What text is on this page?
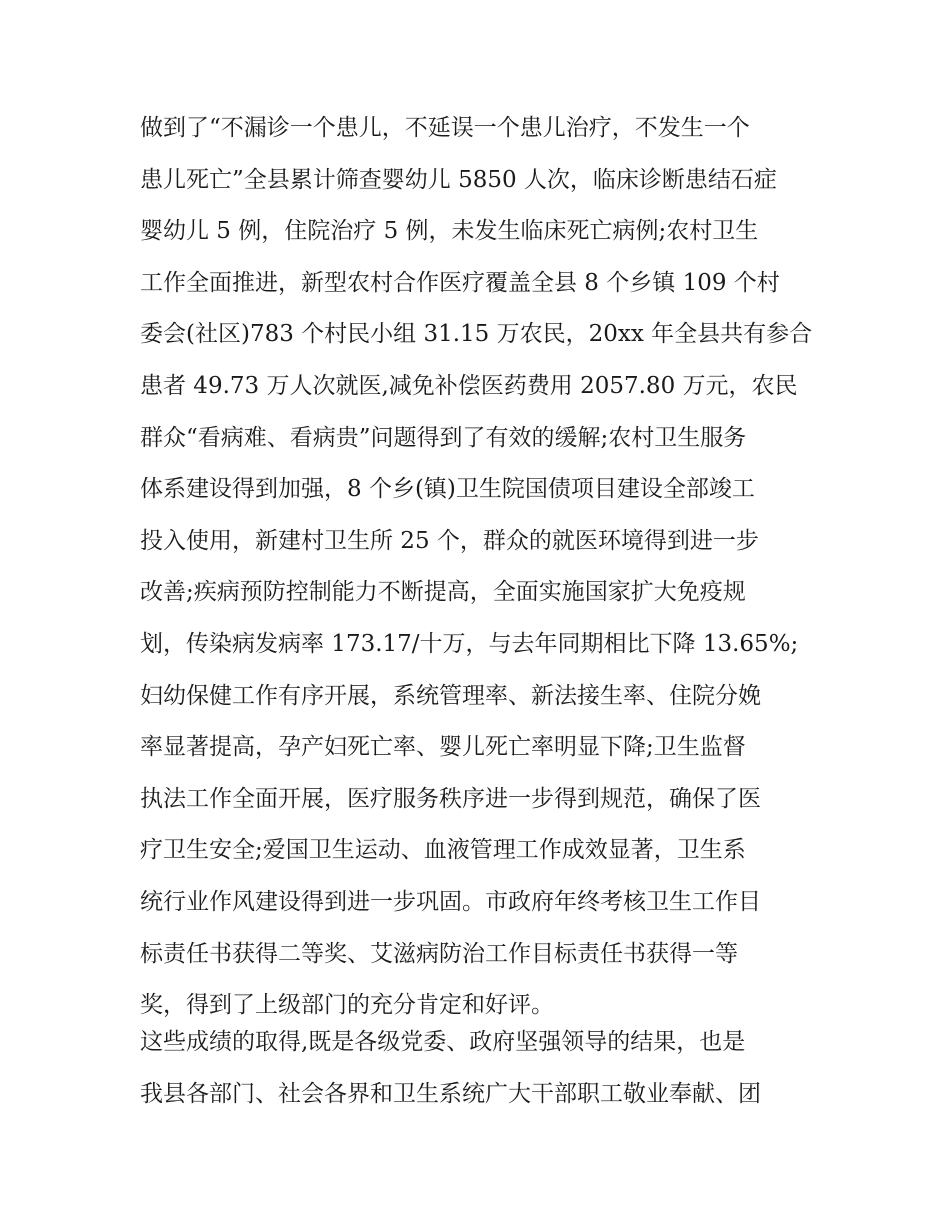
做到了“不漏诊一个患儿，不延误一个患儿治疗，不发生一个
患儿死亡”全县累计筛查婴幼儿 5850 人次，临床诊断患结石症
婴幼儿 5 例，住院治疗 5 例，未发生临床死亡病例;农村卫生
工作全面推进，新型农村合作医疗覆盖全县 8 个乡镇 109 个村
委会(社区)783 个村民小组 31.15 万农民，20xx 年全县共有参合
患者 49.73 万人次就医,减免补偿医药费用 2057.80 万元，农民
群众“看病难、看病贵”问题得到了有效的缓解;农村卫生服务
体系建设得到加强，8 个乡(镇)卫生院国债项目建设全部竣工
投入使用，新建村卫生所 25 个，群众的就医环境得到进一步
改善;疾病预防控制能力不断提高，全面实施国家扩大免疫规
划，传染病发病率 173.17/十万，与去年同期相比下降 13.65%;
妇幼保健工作有序开展，系统管理率、新法接生率、住院分娩
率显著提高，孕产妇死亡率、婴儿死亡率明显下降;卫生监督
执法工作全面开展，医疗服务秩序进一步得到规范，确保了医
疗卫生安全;爱国卫生运动、血液管理工作成效显著，卫生系
统行业作风建设得到进一步巩固。市政府年终考核卫生工作目
标责任书获得二等奖、艾滋病防治工作目标责任书获得一等
奖，得到了上级部门的充分肯定和好评。
这些成绩的取得,既是各级党委、政府坚强领导的结果，也是
我县各部门、社会各界和卫生系统广大干部职工敬业奉献、团
